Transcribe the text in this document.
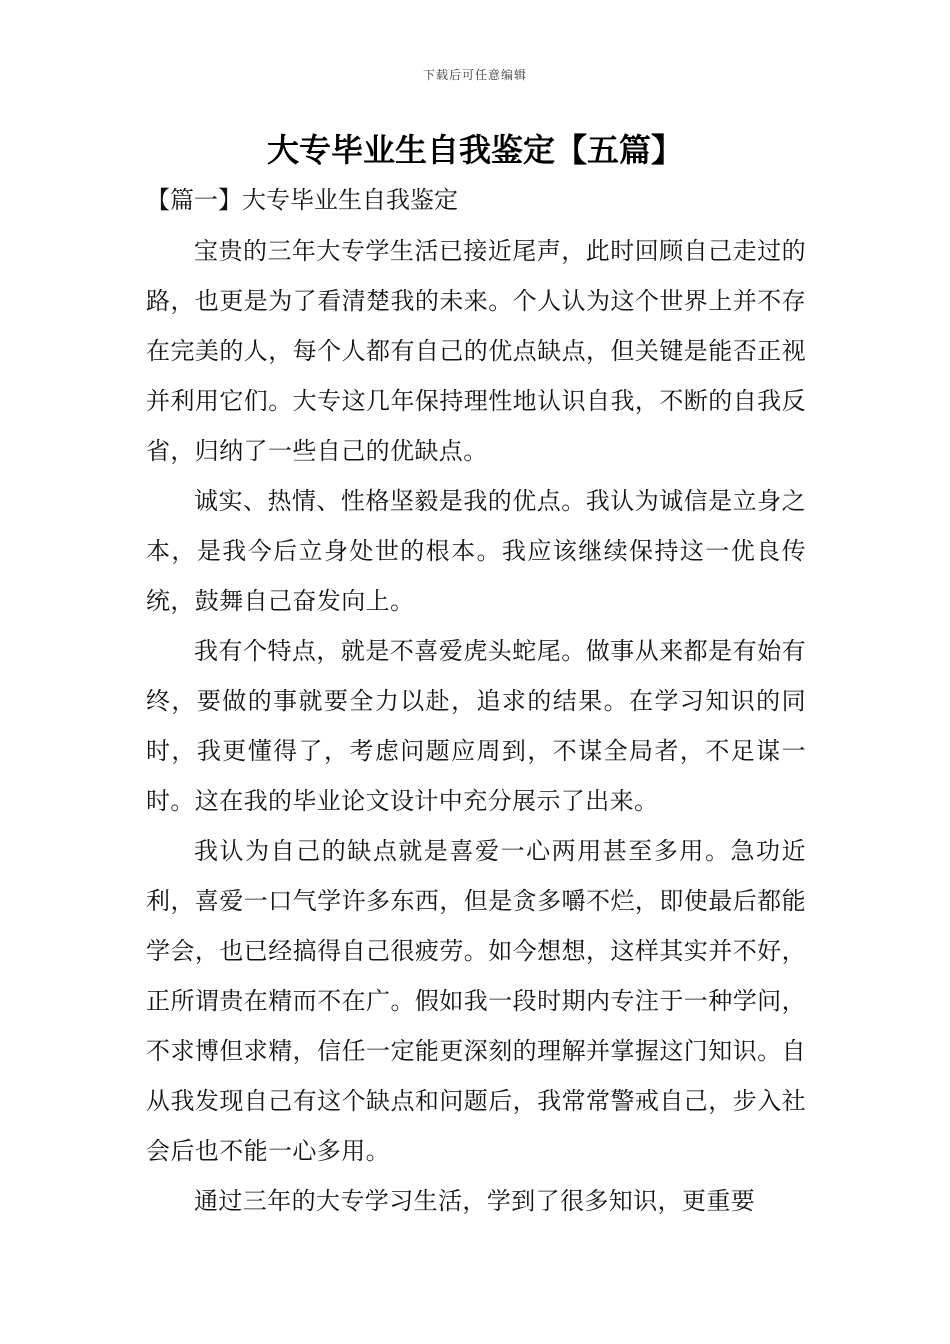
下载后可任意编辑
大专毕业生自我鉴定【五篇】
【篇一】大专毕业生自我鉴定

宝贵的三年大专学生活已接近尾声，此时回顾自己走过的路，也更是为了看清楚我的未来。个人认为这个世界上并不存在完美的人，每个人都有自己的优点缺点，但关键是能否正视并利用它们。大专这几年保持理性地认识自我，不断的自我反省，归纳了一些自己的优缺点。

诚实、热情、性格坚毅是我的优点。我认为诚信是立身之本，是我今后立身处世的根本。我应该继续保持这一优良传统，鼓舞自己奋发向上。

我有个特点，就是不喜爱虎头蛇尾。做事从来都是有始有终，要做的事就要全力以赴，追求的结果。在学习知识的同时，我更懂得了，考虑问题应周到，不谋全局者，不足谋一时。这在我的毕业论文设计中充分展示了出来。

我认为自己的缺点就是喜爱一心两用甚至多用。急功近利，喜爱一口气学许多东西，但是贪多嚼不烂，即使最后都能学会，也已经搞得自己很疲劳。如今想想，这样其实并不好，正所谓贵在精而不在广。假如我一段时期内专注于一种学问，不求博但求精，信任一定能更深刻的理解并掌握这门知识。自从我发现自己有这个缺点和问题后，我常常警戒自己，步入社会后也不能一心多用。

通过三年的大专学习生活，学到了很多知识，更重要
